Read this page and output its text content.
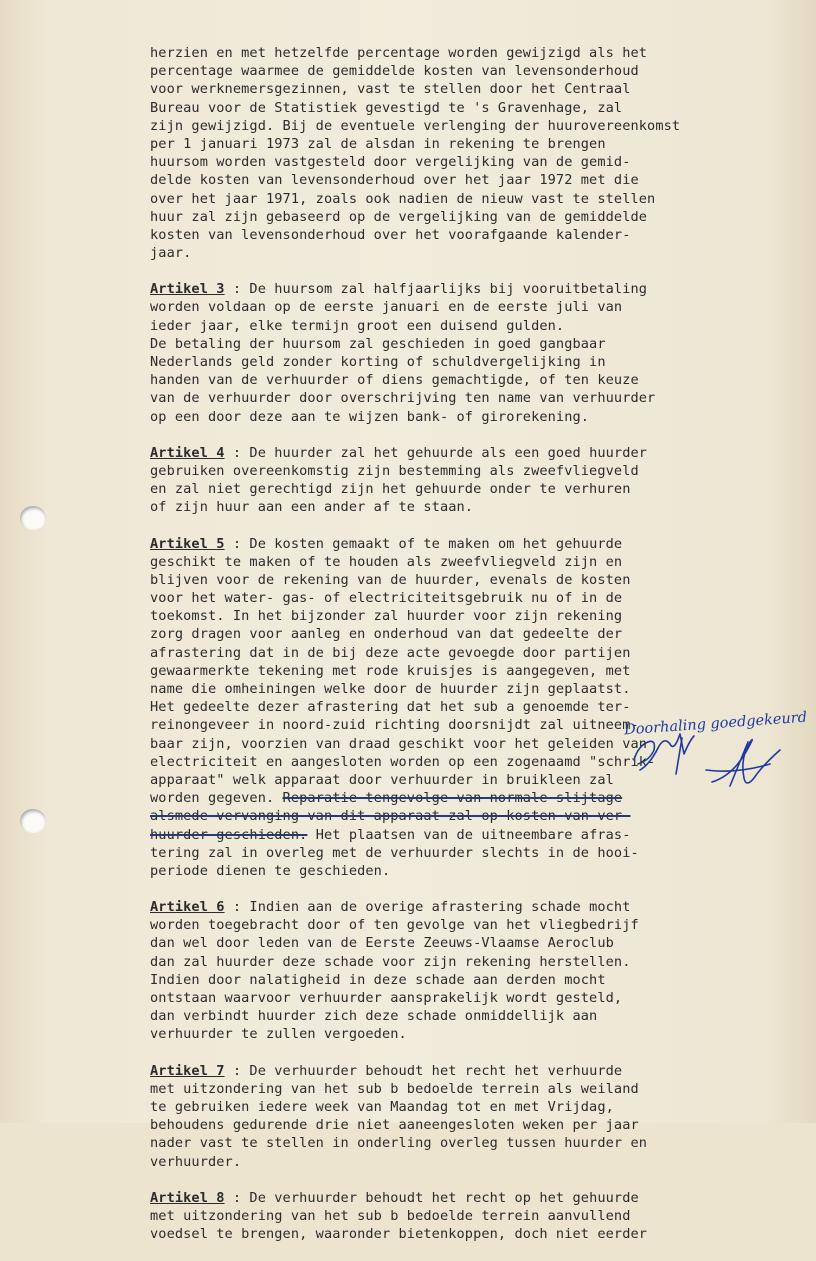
herzien en met hetzelfde percentage worden gewijzigd als het
percentage waarmee de gemiddelde kosten van levensonderhoud
voor werknemersgezinnen, vast te stellen door het Centraal
Bureau voor de Statistiek gevestigd te 's Gravenhage, zal
zijn gewijzigd. Bij de eventuele verlenging der huurovereenkomst
per 1 januari 1973 zal de alsdan in rekening te brengen
huursom worden vastgesteld door vergelijking van de gemid-
delde kosten van levensonderhoud over het jaar 1972 met die
over het jaar 1971, zoals ook nadien de nieuw vast te stellen
huur zal zijn gebaseerd op de vergelijking van de gemiddelde
kosten van levensonderhoud over het voorafgaande kalender-
jaar.
Artikel 3 : De huursom zal halfjaarlijks bij vooruitbetaling
worden voldaan op de eerste januari en de eerste juli van
ieder jaar, elke termijn groot een duisend gulden.
De betaling der huursom zal geschieden in goed gangbaar
Nederlands geld zonder korting of schuldvergelijking in
handen van de verhuurder of diens gemachtigde, of ten keuze
van de verhuurder door overschrijving ten name van verhuurder
op een door deze aan te wijzen bank- of girorekening.
Artikel 4 : De huurder zal het gehuurde als een goed huurder
gebruiken overeenkomstig zijn bestemming als zweefvliegveld
en zal niet gerechtigd zijn het gehuurde onder te verhuren
of zijn huur aan een ander af te staan.
Artikel 5 : De kosten gemaakt of te maken om het gehuurde
geschikt te maken of te houden als zweefvliegveld zijn en
blijven voor de rekening van de huurder, evenals de kosten
voor het water- gas- of electriciteitsgebruik nu of in de
toekomst. In het bijzonder zal huurder voor zijn rekening
zorg dragen voor aanleg en onderhoud van dat gedeelte der
afrastering dat in de bij deze acte gevoegde door partijen
gewaarmerkte tekening met rode kruisjes is aangegeven, met
name die omheiningen welke door de huurder zijn geplaatst.
Het gedeelte dezer afrastering dat het sub a genoemde ter-
reinongeveer in noord-zuid richting doorsnijdt zal uitneem-
baar zijn, voorzien van draad geschikt voor het geleiden van
electriciteit en aangesloten worden op een zogenaamd "schrik-
apparaat" welk apparaat door verhuurder in bruikleen zal
worden gegeven. Reparatie tengevolge van normale slijtage
alsmede vervanging van dit apparaat zal op kosten van ver-
huurder geschieden. Het plaatsen van de uitneembare afras-
tering zal in overleg met de verhuurder slechts in de hooi-
periode dienen te geschieden.
Artikel 6 : Indien aan de overige afrastering schade mocht
worden toegebracht door of ten gevolge van het vliegbedrijf
dan wel door leden van de Eerste Zeeuws-Vlaamse Aeroclub
dan zal huurder deze schade voor zijn rekening herstellen.
Indien door nalatigheid in deze schade aan derden mocht
ontstaan waarvoor verhuurder aansprakelijk wordt gesteld,
dan verbindt huurder zich deze schade onmiddellijk aan
verhuurder te zullen vergoeden.
Artikel 7 : De verhuurder behoudt het recht het verhuurde
met uitzondering van het sub b bedoelde terrein als weiland
te gebruiken iedere week van Maandag tot en met Vrijdag,
behoudens gedurende drie niet aaneengesloten weken per jaar
nader vast te stellen in onderling overleg tussen huurder en
verhuurder.
Artikel 8 : De verhuurder behoudt het recht op het gehuurde
met uitzondering van het sub b bedoelde terrein aanvullend
voedsel te brengen, waaronder bietenkoppen, doch niet eerder
Doorhaling goedgekeurd
